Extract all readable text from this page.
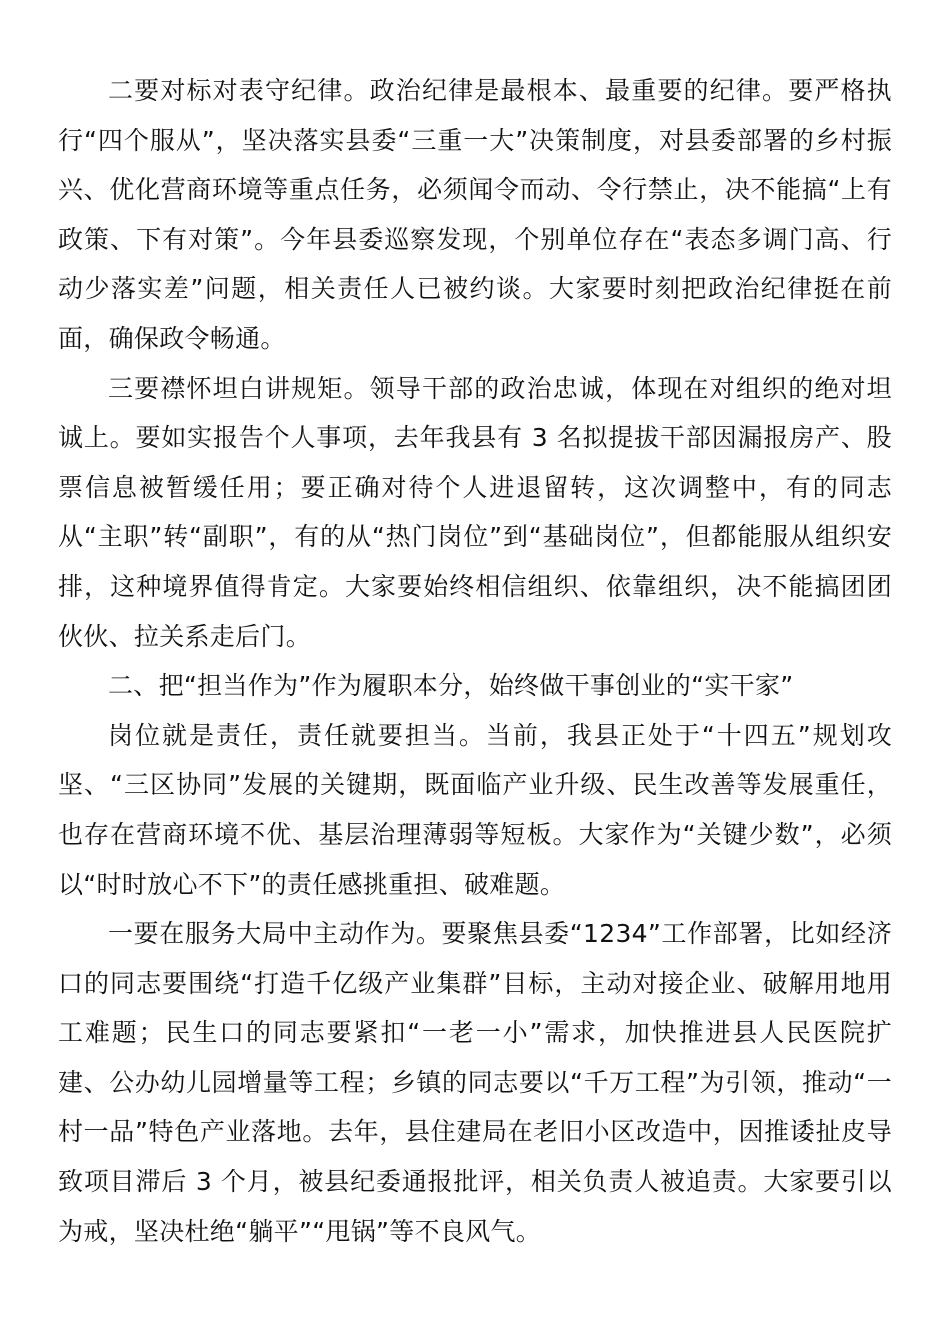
二要对标对表守纪律。政治纪律是最根本、最重要的纪律。要严格执行“四个服从”，坚决落实县委“三重一大”决策制度，对县委部署的乡村振兴、优化营商环境等重点任务，必须闻令而动、令行禁止，决不能搞“上有政策、下有对策”。今年县委巡察发现，个别单位存在“表态多调门高、行动少落实差”问题，相关责任人已被约谈。大家要时刻把政治纪律挺在前面，确保政令畅通。

三要襟怀坦白讲规矩。领导干部的政治忠诚，体现在对组织的绝对坦诚上。要如实报告个人事项，去年我县有 3 名拟提拔干部因漏报房产、股票信息被暂缓任用；要正确对待个人进退留转，这次调整中，有的同志从“主职”转“副职”，有的从“热门岗位”到“基础岗位”，但都能服从组织安排，这种境界值得肯定。大家要始终相信组织、依靠组织，决不能搞团团伙伙、拉关系走后门。

二、把“担当作为”作为履职本分，始终做干事创业的“实干家”

岗位就是责任，责任就要担当。当前，我县正处于“十四五”规划攻坚、“三区协同”发展的关键期，既面临产业升级、民生改善等发展重任，也存在营商环境不优、基层治理薄弱等短板。大家作为“关键少数”，必须以“时时放心不下”的责任感挑重担、破难题。

一要在服务大局中主动作为。要聚焦县委“1234”工作部署，比如经济口的同志要围绕“打造千亿级产业集群”目标，主动对接企业、破解用地用工难题；民生口的同志要紧扣“一老一小”需求，加快推进县人民医院扩建、公办幼儿园增量等工程；乡镇的同志要以“千万工程”为引领，推动“一村一品”特色产业落地。去年，县住建局在老旧小区改造中，因推诿扯皮导致项目滞后 3 个月，被县纪委通报批评，相关负责人被追责。大家要引以为戒，坚决杜绝“躺平”“甩锅”等不良风气。
